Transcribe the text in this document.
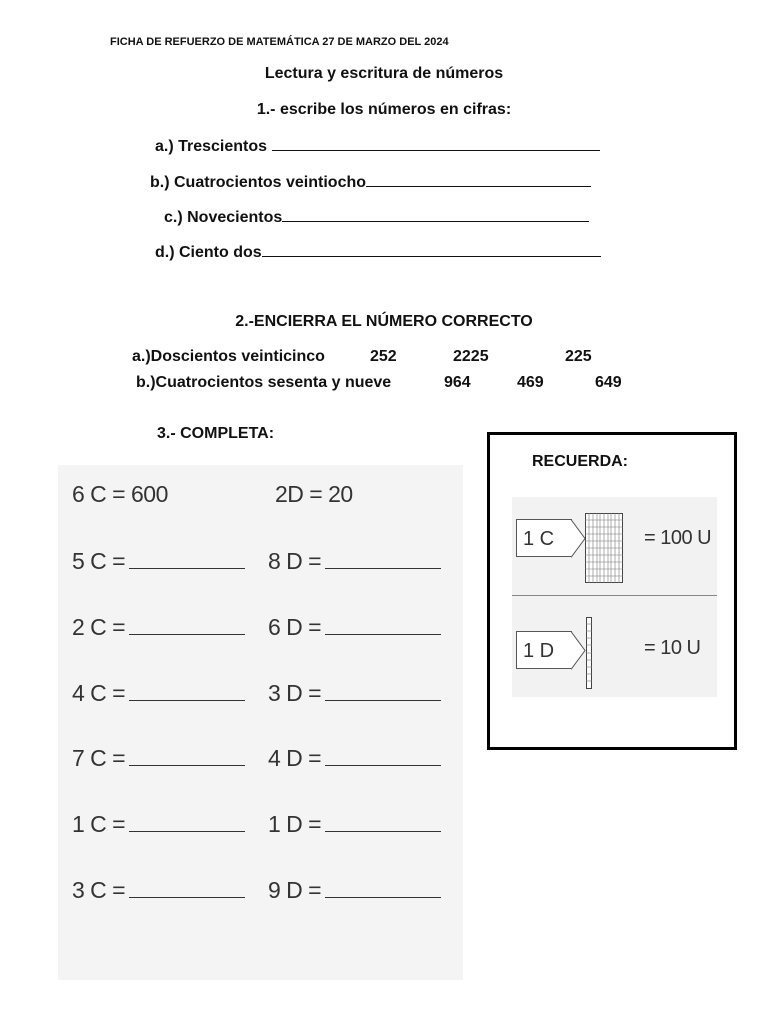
FICHA DE REFUERZO DE MATEMÁTICA 27 DE MARZO DEL 2024
Lectura y escritura de números
1.- escribe los números en cifras:
a.) Trescientos
b.) Cuatrocientos veintiocho
c.) Novecientos
d.) Ciento dos
2.-ENCIERRA EL NÚMERO CORRECTO
a.)Doscientos veinticinco	252	2225	225
b.)Cuatrocientos sesenta y nueve	964	469	649
3.- COMPLETA:
6 C = 600	2D = 20
5 C =	8 D =
2 C =	6 D =
4 C =	3 D =
7 C =	4 D =
1 C =	1 D =
3 C =	9 D =
RECUERDA:
1 C	= 100 U
1 D	= 10 U
